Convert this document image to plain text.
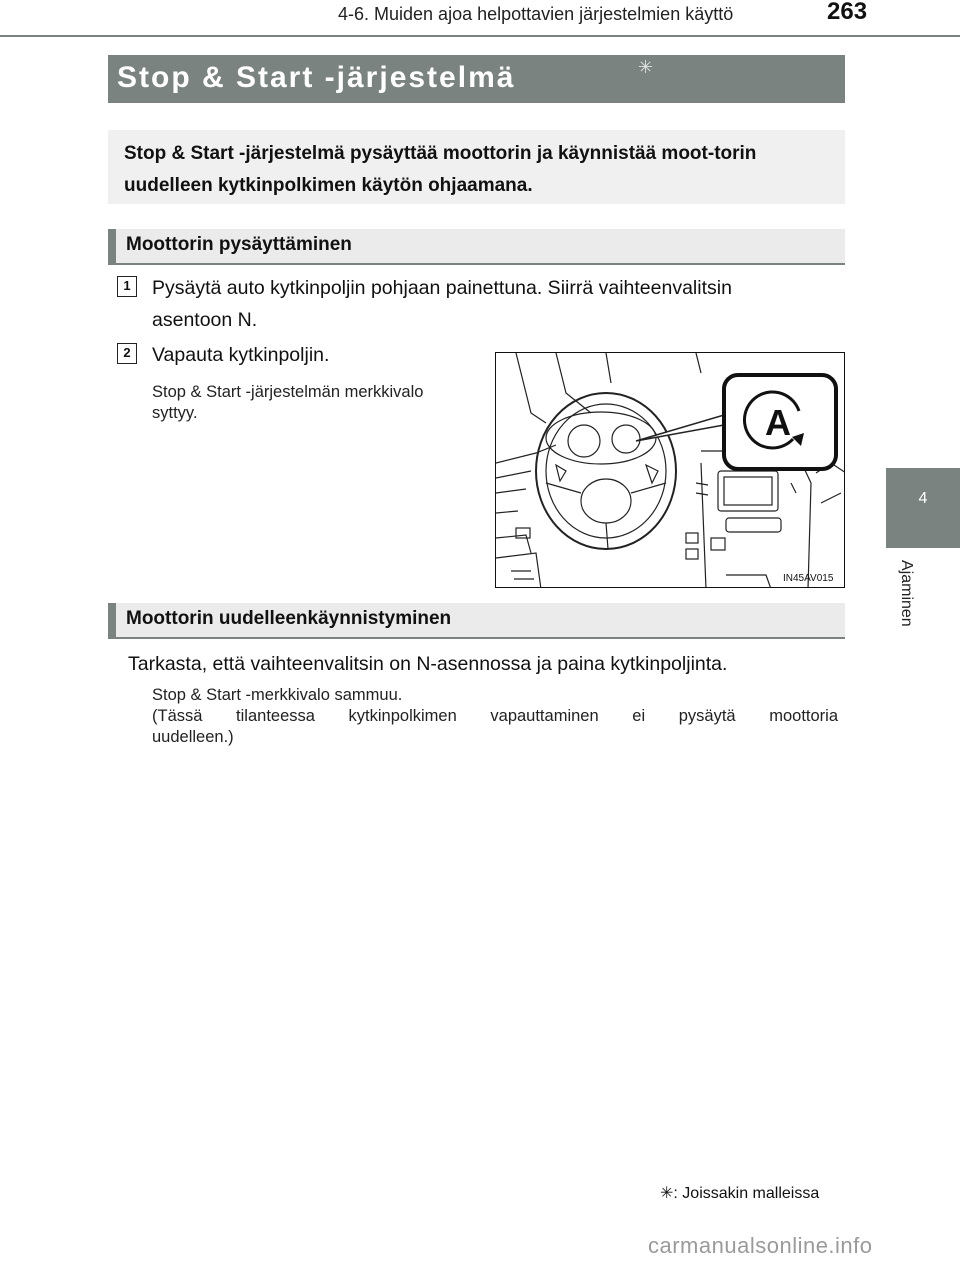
4-6. Muiden ajoa helpottavien järjestelmien käyttö	263
4
Ajaminen
Stop & Start -järjestelmä	✳
Stop & Start -järjestelmä pysäyttää moottorin ja käynnistää moot-torin uudelleen kytkinpolkimen käytön ohjaamana.
Moottorin pysäyttäminen
1	Pysäytä auto kytkinpoljin pohjaan painettuna. Siirrä vaihteenvalitsin
asentoon N.
2	Vapauta kytkinpoljin.
Stop & Start -järjestelmän merkkivalo
syttyy.	A
IN45AV015
Moottorin uudelleenkäynnistyminen
Tarkasta, että vaihteenvalitsin on N-asennossa ja paina kytkinpoljinta.
Stop & Start -merkkivalo sammuu.
(Tässä tilanteessa kytkinpolkimen vapauttaminen ei pysäytä moottoria
uudelleen.)
✳: Joissakin malleissa
carmanualsonline.info
